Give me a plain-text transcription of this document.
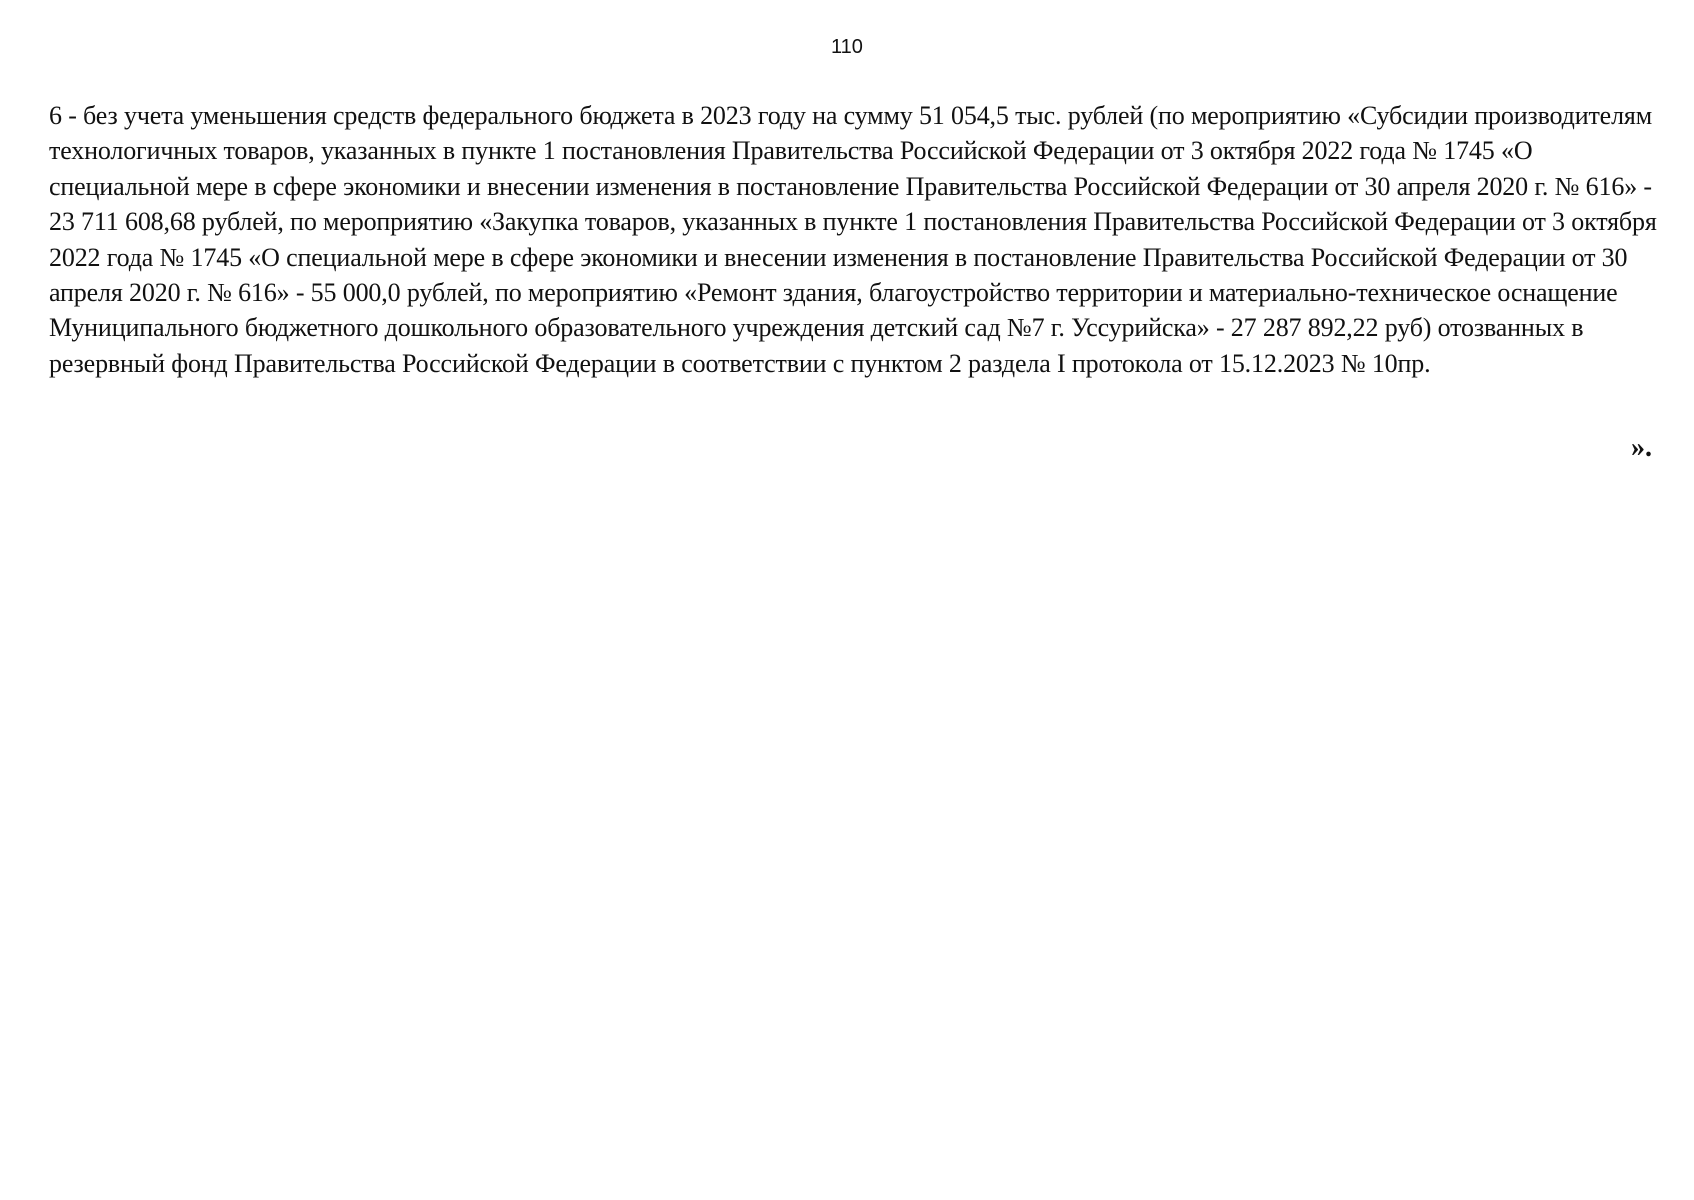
110

6 - без учета уменьшения средств федерального бюджета в 2023 году на сумму 51 054,5 тыс. рублей (по мероприятию «Субсидии производителям технологичных товаров, указанных в пункте 1 постановления Правительства Российской Федерации от 3 октября 2022 года № 1745 «О специальной мере в сфере экономики и внесении изменения в постановление Правительства Российской Федерации от 30 апреля 2020 г. № 616» - 23 711 608,68 рублей, по мероприятию «Закупка товаров, указанных в пункте 1 постановления Правительства Российской Федерации от 3 октября 2022 года № 1745 «О специальной мере в сфере экономики и внесении изменения в постановление Правительства Российской Федерации от 30 апреля 2020 г. № 616» - 55 000,0 рублей, по мероприятию «Ремонт здания, благоустройство территории и материально-техническое оснащение Муниципального бюджетного дошкольного образовательного учреждения детский сад №7 г. Уссурийска» - 27 287 892,22 руб) отозванных в резервный фонд Правительства Российской Федерации в соответствии с пунктом 2 раздела I протокола от 15.12.2023 № 10пр.

».
